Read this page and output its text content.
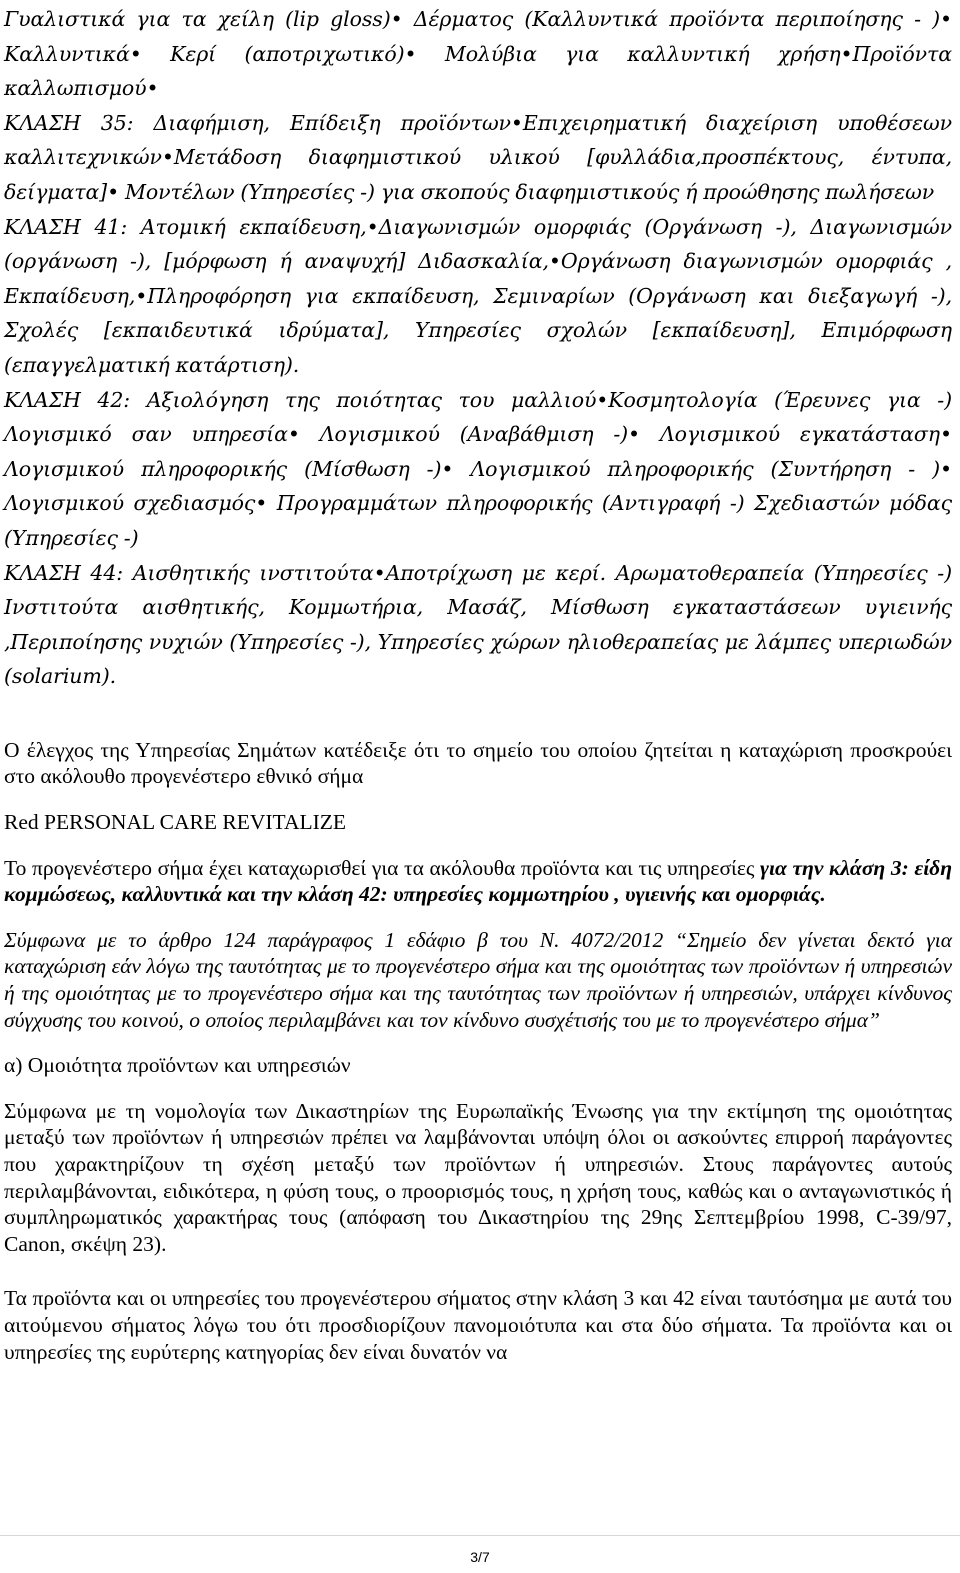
Γυαλιστικά για τα χείλη (lip gloss)• Δέρματος (Καλλυντικά προϊόντα περιποίησης - )• Καλλυντικά• Κερί (αποτριχωτικό)• Μολύβια για καλλυντική χρήση•Προϊόντα καλλωπισμού•

ΚΛΑΣΗ 35: Διαφήμιση, Επίδειξη προϊόντων•Επιχειρηματική διαχείριση υποθέσεων καλλιτεχνικών•Μετάδοση διαφημιστικού υλικού [φυλλάδια,προσπέκτους, έντυπα, δείγματα]• Μοντέλων (Υπηρεσίες -) για σκοπούς διαφημιστικούς ή προώθησης πωλήσεων

ΚΛΑΣΗ 41: Ατομική εκπαίδευση,•Διαγωνισμών ομορφιάς (Οργάνωση -), Διαγωνισμών (οργάνωση -), [μόρφωση ή αναψυχή] Διδασκαλία,•Οργάνωση διαγωνισμών ομορφιάς , Εκπαίδευση,•Πληροφόρηση για εκπαίδευση, Σεμιναρίων (Οργάνωση και διεξαγωγή -), Σχολές [εκπαιδευτικά ιδρύματα], Υπηρεσίες σχολών [εκπαίδευση], Επιμόρφωση (επαγγελματική κατάρτιση).

ΚΛΑΣΗ 42: Αξιολόγηση της ποιότητας του μαλλιού•Κοσμητολογία (Έρευνες για -) Λογισμικό σαν υπηρεσία• Λογισμικού (Αναβάθμιση -)• Λογισμικού εγκατάσταση• Λογισμικού πληροφορικής (Μίσθωση -)• Λογισμικού πληροφορικής (Συντήρηση - )• Λογισμικού σχεδιασμός• Προγραμμάτων πληροφορικής (Αντιγραφή -) Σχεδιαστών μόδας (Υπηρεσίες -)

ΚΛΑΣΗ 44: Αισθητικής ινστιτούτα•Αποτρίχωση με κερί. Αρωματοθεραπεία (Υπηρεσίες -) Ινστιτούτα αισθητικής, Κομμωτήρια, Μασάζ, Μίσθωση εγκαταστάσεων υγιεινής ,Περιποίησης νυχιών (Υπηρεσίες -), Υπηρεσίες χώρων ηλιοθεραπείας με λάμπες υπεριωδών (solarium).

Ο έλεγχος της Υπηρεσίας Σημάτων κατέδειξε ότι το σημείο του οποίου ζητείται η καταχώριση προσκρούει στο ακόλουθο προγενέστερο εθνικό σήμα

Red PERSONAL CARE REVITALIZE

Το προγενέστερο σήμα έχει καταχωρισθεί για τα ακόλουθα προϊόντα και τις υπηρεσίες για την κλάση 3: είδη κομμώσεως, καλλυντικά και την κλάση 42: υπηρεσίες κομμωτηρίου , υγιεινής και ομορφιάς.

Σύμφωνα με το άρθρο 124 παράγραφος 1 εδάφιο β του Ν. 4072/2012 “Σημείο δεν γίνεται δεκτό για καταχώριση εάν λόγω της ταυτότητας με το προγενέστερο σήμα και της ομοιότητας των προϊόντων ή υπηρεσιών ή της ομοιότητας με το προγενέστερο σήμα και της ταυτότητας των προϊόντων ή υπηρεσιών, υπάρχει κίνδυνος σύγχυσης του κοινού, ο οποίος περιλαμβάνει και τον κίνδυνο συσχέτισής του με το προγενέστερο σήμα”

α) Ομοιότητα προϊόντων και υπηρεσιών

Σύμφωνα με τη νομολογία των Δικαστηρίων της Ευρωπαϊκής Ένωσης για την εκτίμηση της ομοιότητας μεταξύ των προϊόντων ή υπηρεσιών πρέπει να λαμβάνονται υπόψη όλοι οι ασκούντες επιρροή παράγοντες που χαρακτηρίζουν τη σχέση μεταξύ των προϊόντων ή υπηρεσιών. Στους παράγοντες αυτούς περιλαμβάνονται, ειδικότερα, η φύση τους, ο προορισμός τους, η χρήση τους, καθώς και ο ανταγωνιστικός ή συμπληρωματικός χαρακτήρας τους (απόφαση του Δικαστηρίου της 29ης Σεπτεμβρίου 1998, C-39/97, Canon, σκέψη 23).

Τα προϊόντα και οι υπηρεσίες του προγενέστερου σήματος στην κλάση 3 και 42 είναι ταυτόσημα με αυτά του αιτούμενου σήματος λόγω του ότι προσδιορίζουν πανομοιότυπα και στα δύο σήματα. Τα προϊόντα και οι υπηρεσίες της ευρύτερης κατηγορίας δεν είναι δυνατόν να

3/7
